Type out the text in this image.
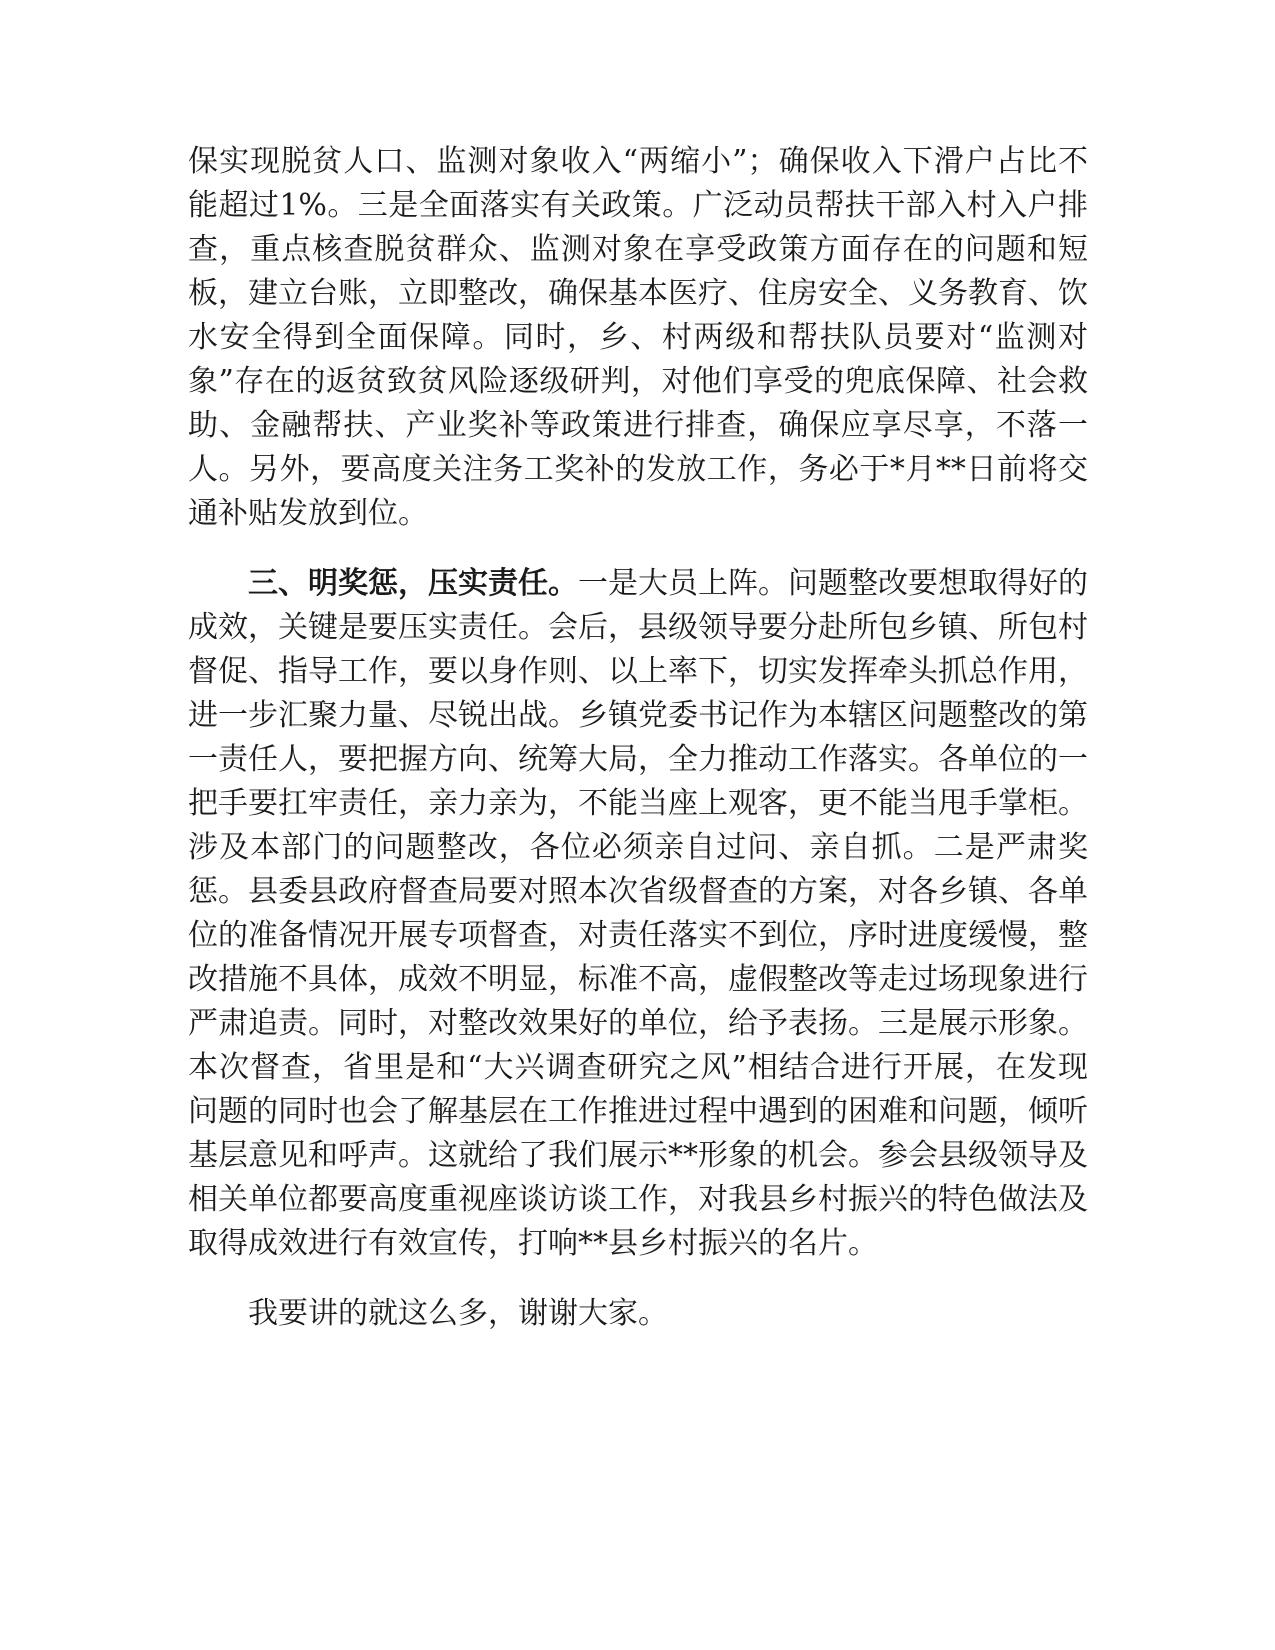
保实现脱贫人口、监测对象收入“两缩小”；确保收入下滑户占比不能超过1%。三是全面落实有关政策。广泛动员帮扶干部入村入户排查，重点核查脱贫群众、监测对象在享受政策方面存在的问题和短板，建立台账，立即整改，确保基本医疗、住房安全、义务教育、饮水安全得到全面保障。同时，乡、村两级和帮扶队员要对“监测对象”存在的返贫致贫风险逐级研判，对他们享受的兜底保障、社会救助、金融帮扶、产业奖补等政策进行排查，确保应享尽享，不落一人。另外，要高度关注务工奖补的发放工作，务必于*月**日前将交通补贴发放到位。

三、明奖惩，压实责任。一是大员上阵。问题整改要想取得好的成效，关键是要压实责任。会后，县级领导要分赴所包乡镇、所包村督促、指导工作，要以身作则、以上率下，切实发挥牵头抓总作用，进一步汇聚力量、尽锐出战。乡镇党委书记作为本辖区问题整改的第一责任人，要把握方向、统筹大局，全力推动工作落实。各单位的一把手要扛牢责任，亲力亲为，不能当座上观客，更不能当甩手掌柜。涉及本部门的问题整改，各位必须亲自过问、亲自抓。二是严肃奖惩。县委县政府督查局要对照本次省级督查的方案，对各乡镇、各单位的准备情况开展专项督查，对责任落实不到位，序时进度缓慢，整改措施不具体，成效不明显，标准不高，虚假整改等走过场现象进行严肃追责。同时，对整改效果好的单位，给予表扬。三是展示形象。本次督查，省里是和“大兴调查研究之风”相结合进行开展，在发现问题的同时也会了解基层在工作推进过程中遇到的困难和问题，倾听基层意见和呼声。这就给了我们展示**形象的机会。参会县级领导及相关单位都要高度重视座谈访谈工作，对我县乡村振兴的特色做法及取得成效进行有效宣传，打响**县乡村振兴的名片。

我要讲的就这么多，谢谢大家。
